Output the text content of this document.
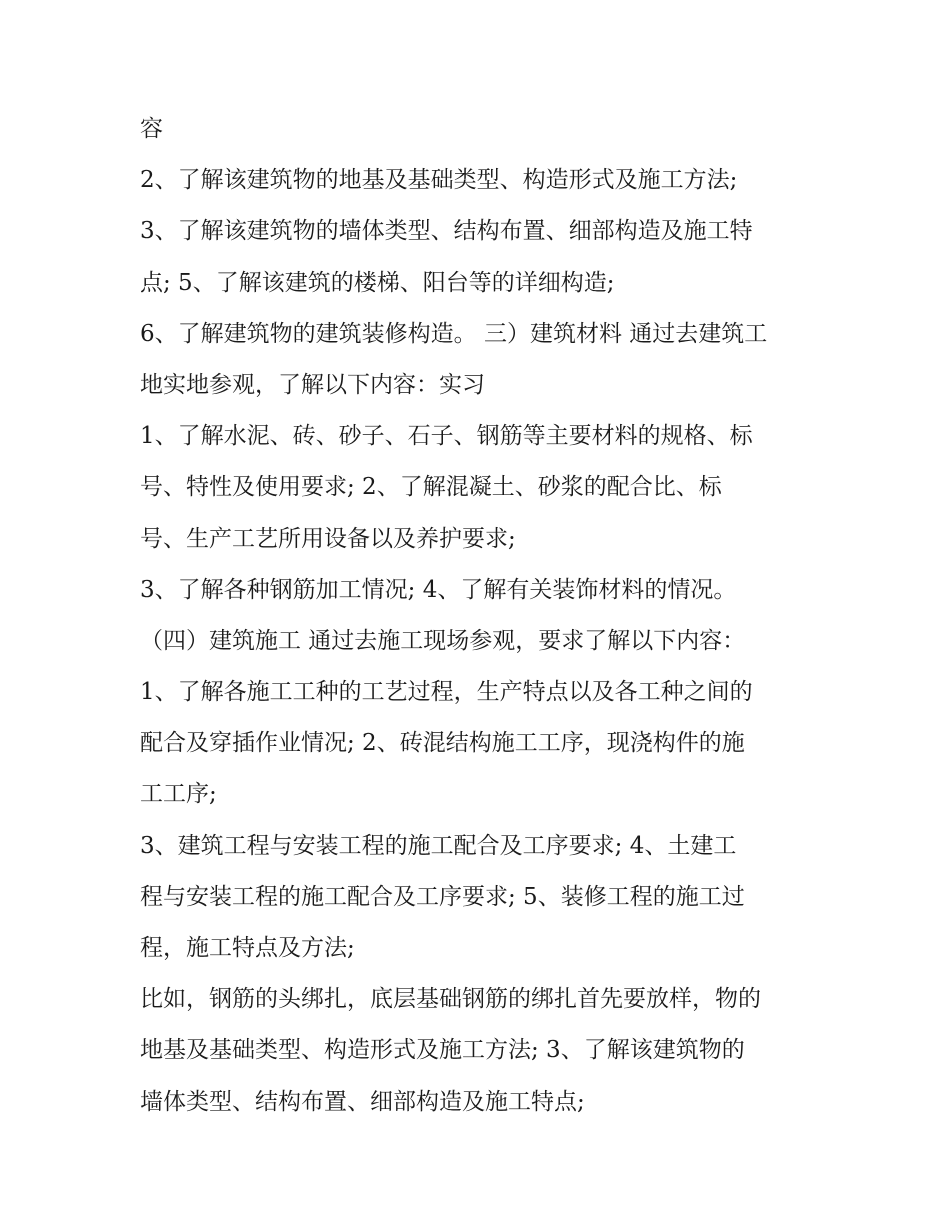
容
2、了解该建筑物的地基及基础类型、构造形式及施工方法;
3、了解该建筑物的墙体类型、结构布置、细部构造及施工特
点; 5、了解该建筑的楼梯、阳台等的详细构造;
6、了解建筑物的建筑装修构造。 三）建筑材料 通过去建筑工
地实地参观，了解以下内容：实习
1、了解水泥、砖、砂子、石子、钢筋等主要材料的规格、标
号、特性及使用要求; 2、了解混凝土、砂浆的配合比、标
号、生产工艺所用设备以及养护要求;
3、了解各种钢筋加工情况; 4、了解有关装饰材料的情况。
（四）建筑施工 通过去施工现场参观，要求了解以下内容：
1、了解各施工工种的工艺过程，生产特点以及各工种之间的
配合及穿插作业情况; 2、砖混结构施工工序，现浇构件的施
工工序;
3、建筑工程与安装工程的施工配合及工序要求; 4、土建工
程与安装工程的施工配合及工序要求; 5、装修工程的施工过
程，施工特点及方法;
比如，钢筋的头绑扎，底层基础钢筋的绑扎首先要放样，物的
地基及基础类型、构造形式及施工方法; 3、了解该建筑物的
墙体类型、结构布置、细部构造及施工特点;
